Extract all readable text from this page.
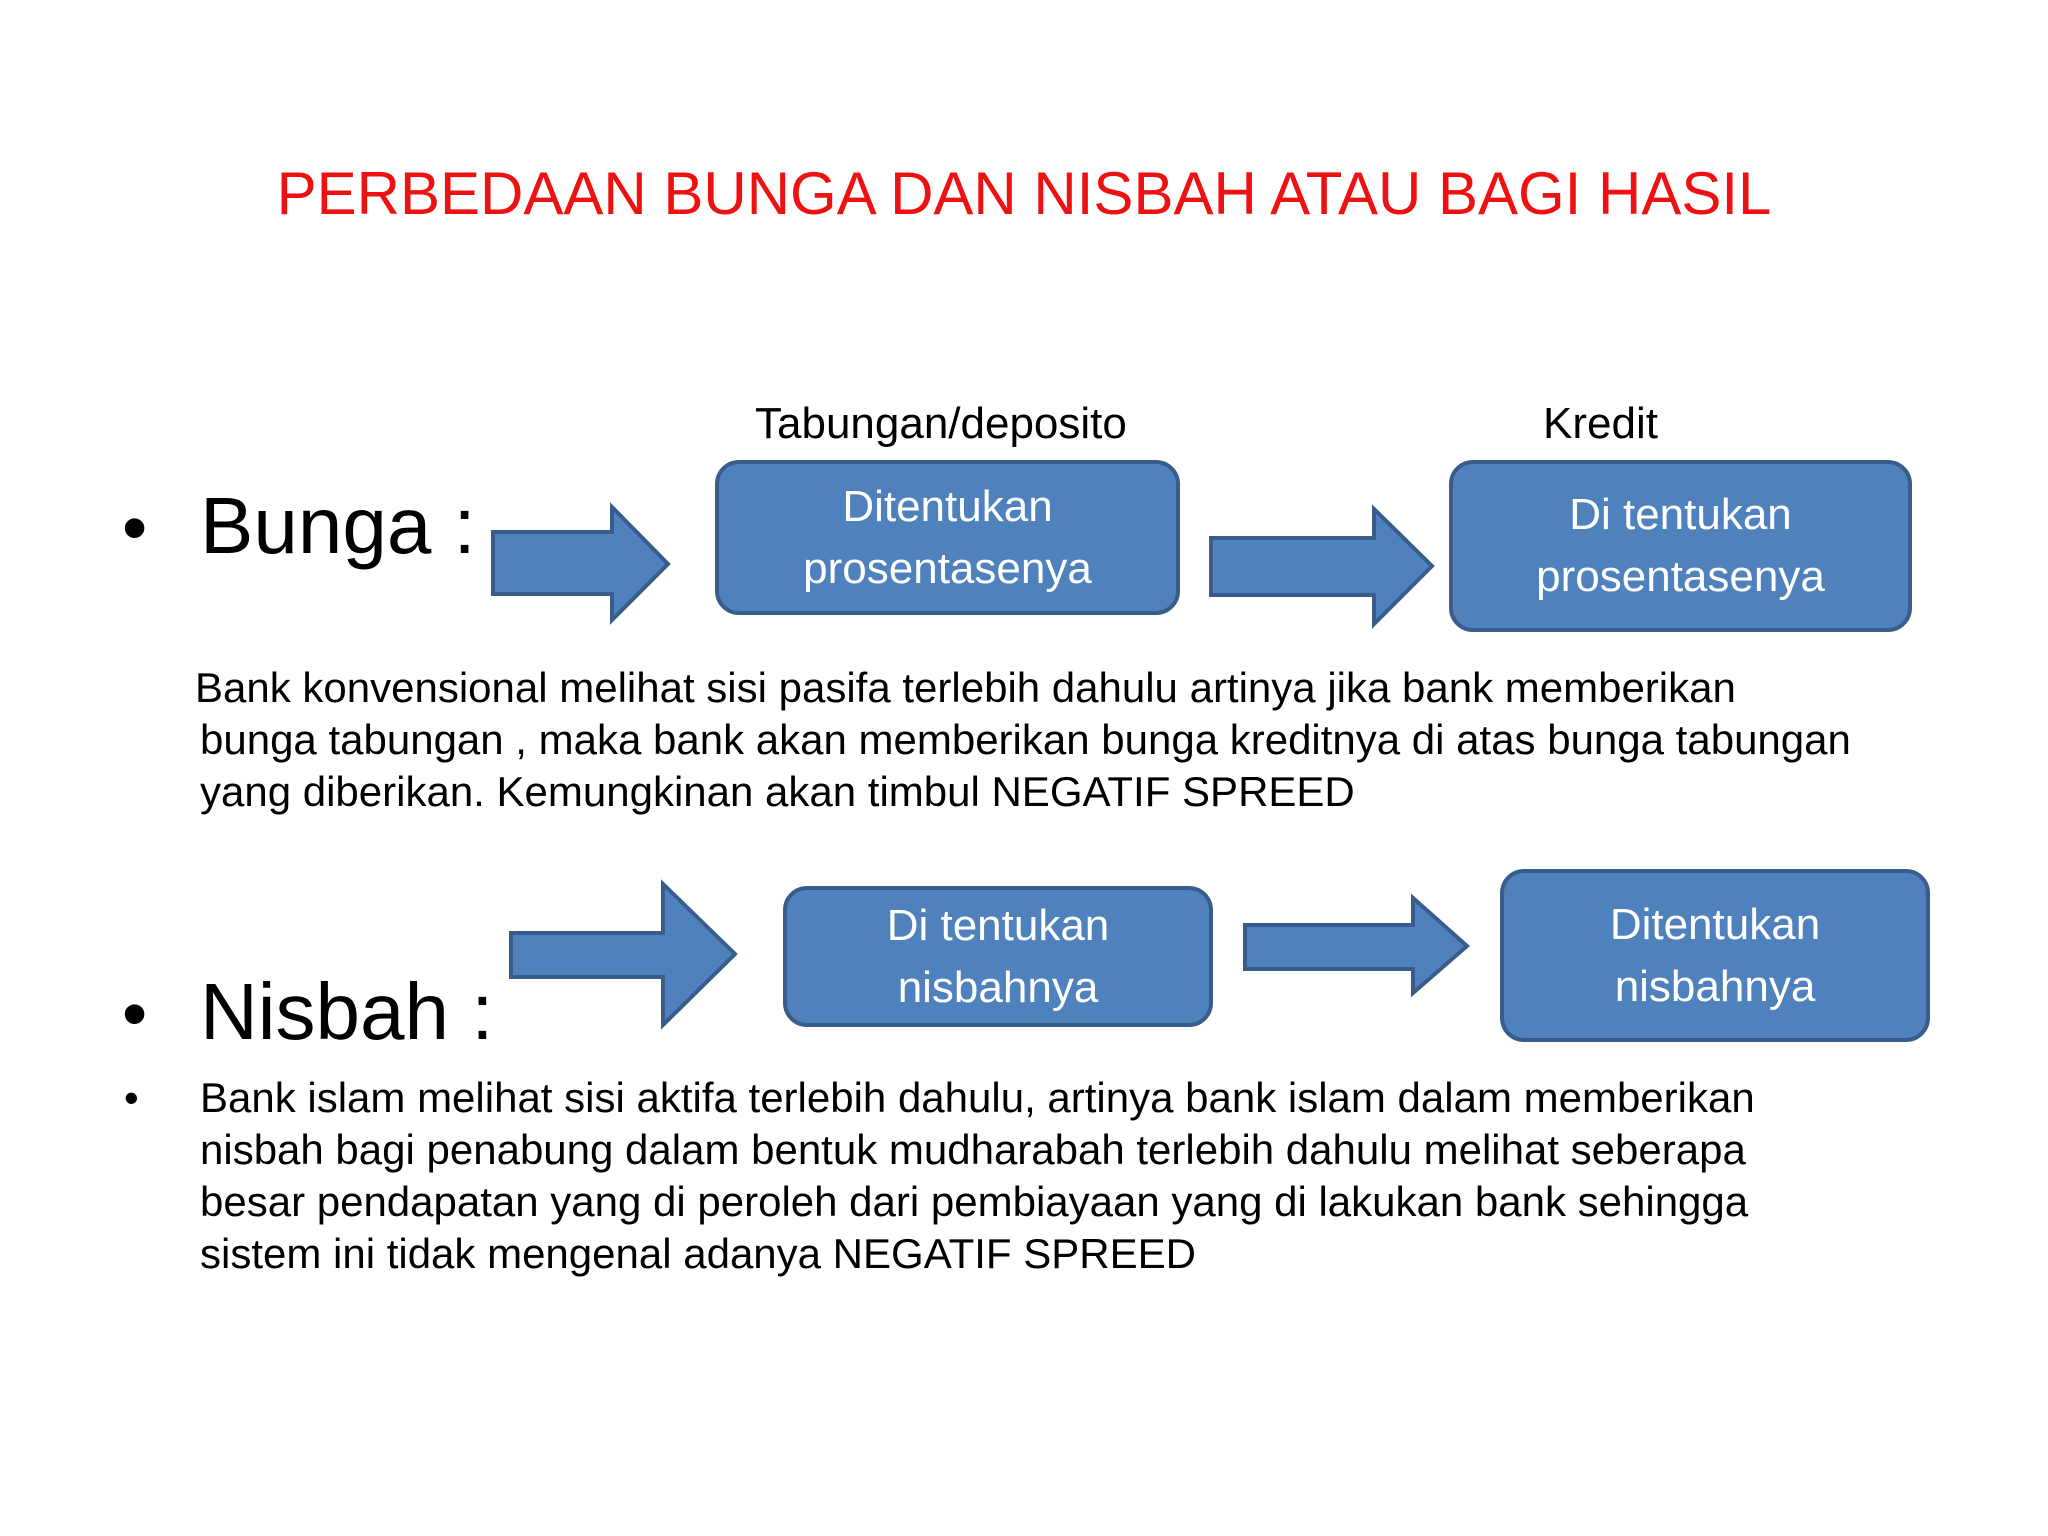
PERBEDAAN BUNGA DAN NISBAH ATAU BAGI HASIL
Tabungan/deposito	Kredit
• Bunga :	Ditentukan
prosentasenya
Di tentukan
prosentasenya
Bank konvensional melihat sisi pasifa terlebih dahulu artinya jika bank memberikan
bunga tabungan , maka bank akan memberikan bunga kreditnya di atas bunga tabungan
yang diberikan. Kemungkinan akan timbul NEGATIF SPREED
Di tentukan
nisbahnya
Ditentukan
nisbahnya
• Nisbah :
• Bank islam melihat sisi aktifa terlebih dahulu, artinya bank islam dalam memberikan
nisbah bagi penabung dalam bentuk mudharabah terlebih dahulu melihat seberapa
besar pendapatan yang di peroleh dari pembiayaan yang di lakukan bank sehingga
sistem ini tidak mengenal adanya NEGATIF SPREED
